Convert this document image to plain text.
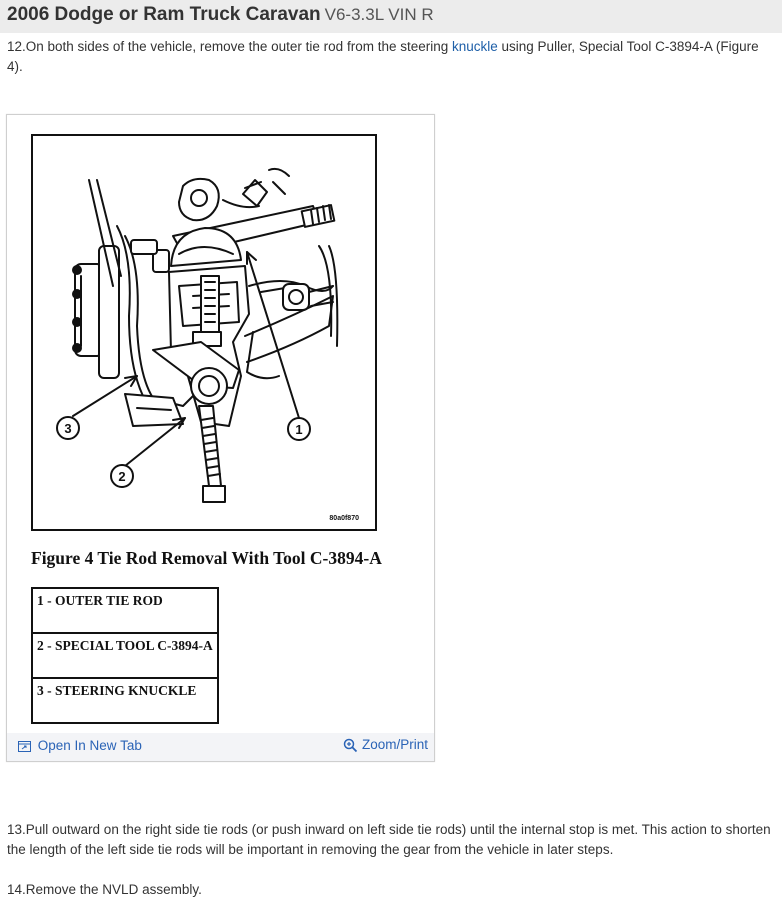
2006 Dodge or Ram Truck Caravan V6-3.3L VIN R
12.On both sides of the vehicle, remove the outer tie rod from the steering knuckle using Puller, Special Tool C-3894-A (Figure 4).
1
2
3
80a0f870
Figure 4 Tie Rod Removal With Tool C-3894-A
1 - OUTER TIE ROD
2 - SPECIAL TOOL C-3894-A
3 - STEERING KNUCKLE
Open In New Tab	Zoom/Print
13.Pull outward on the right side tie rods (or push inward on left side tie rods) until the internal stop is met. This action to shorten the length of the left side tie rods will be important in removing the gear from the vehicle in later steps.
14.Remove the NVLD assembly.
